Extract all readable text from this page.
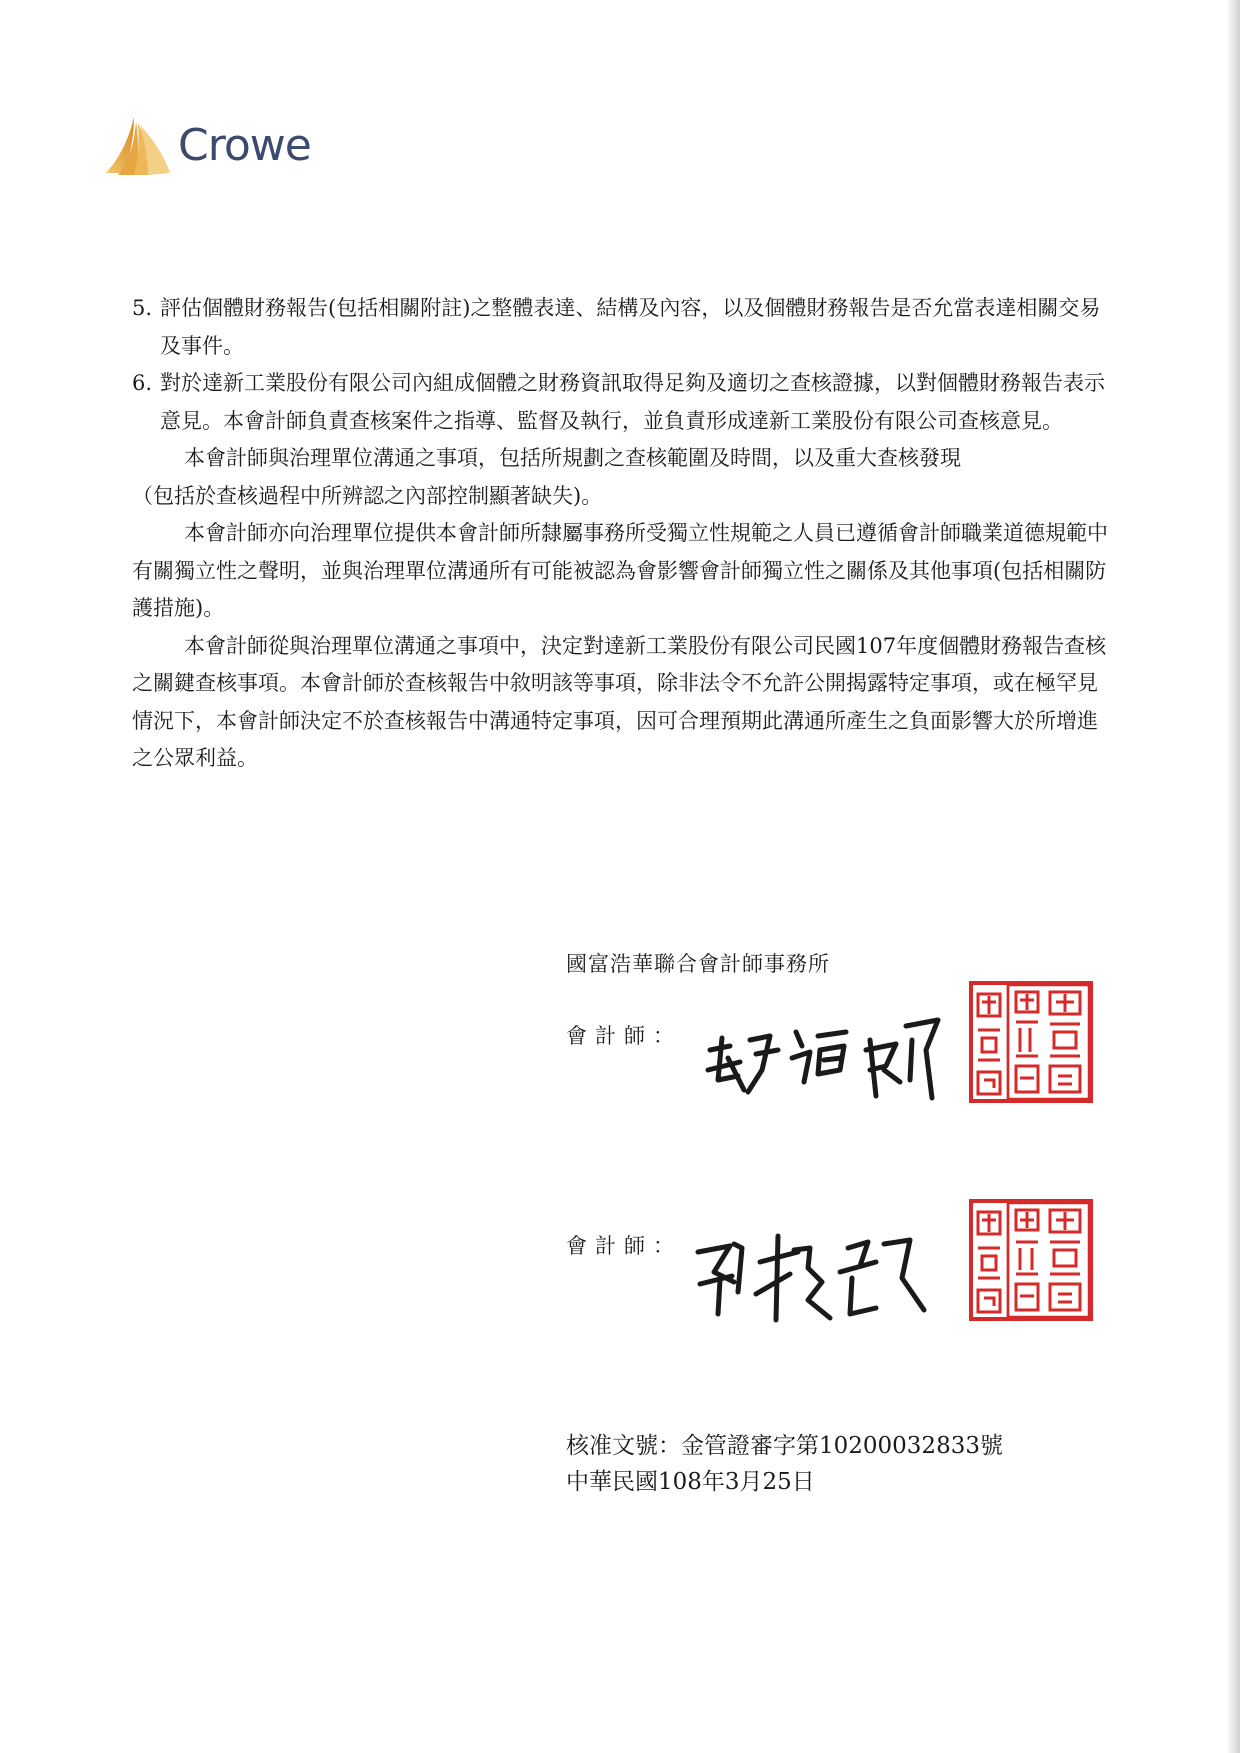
Crowe
5. 評估個體財務報告(包括相關附註)之整體表達、結構及內容，以及個體財務報告是否允當表達相關交易及事件。
6. 對於達新工業股份有限公司內組成個體之財務資訊取得足夠及適切之查核證據，以對個體財務報告表示意見。本會計師負責查核案件之指導、監督及執行，並負責形成達新工業股份有限公司查核意見。

本會計師與治理單位溝通之事項，包括所規劃之查核範圍及時間，以及重大查核發現

（包括於查核過程中所辨認之內部控制顯著缺失)。

本會計師亦向治理單位提供本會計師所隸屬事務所受獨立性規範之人員已遵循會計師職業道德規範中有關獨立性之聲明，並與治理單位溝通所有可能被認為會影響會計師獨立性之關係及其他事項(包括相關防護措施)。

本會計師從與治理單位溝通之事項中，決定對達新工業股份有限公司民國107年度個體財務報告查核之關鍵查核事項。本會計師於查核報告中敘明該等事項，除非法令不允許公開揭露特定事項，或在極罕見情況下，本會計師決定不於查核報告中溝通特定事項，因可合理預期此溝通所產生之負面影響大於所增進之公眾利益。

國富浩華聯合會計師事務所
會計師：
會計師：
核准文號：金管證審字第10200032833號
中華民國108年3月25日
